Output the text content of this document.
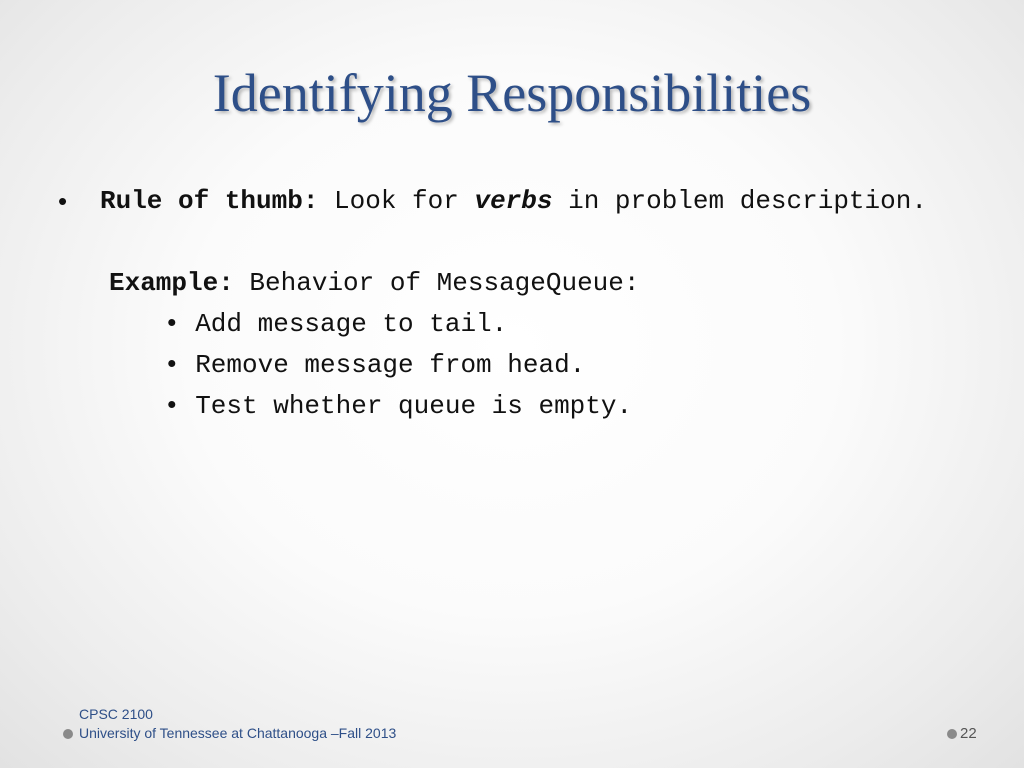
Identifying Responsibilities
• Rule of thumb: Look for verbs in problem description.
Example: Behavior of MessageQueue:
• Add message to tail.
• Remove message from head.
• Test whether queue is empty.
CPSC 2100
University of Tennessee at Chattanooga –Fall 2013	22
